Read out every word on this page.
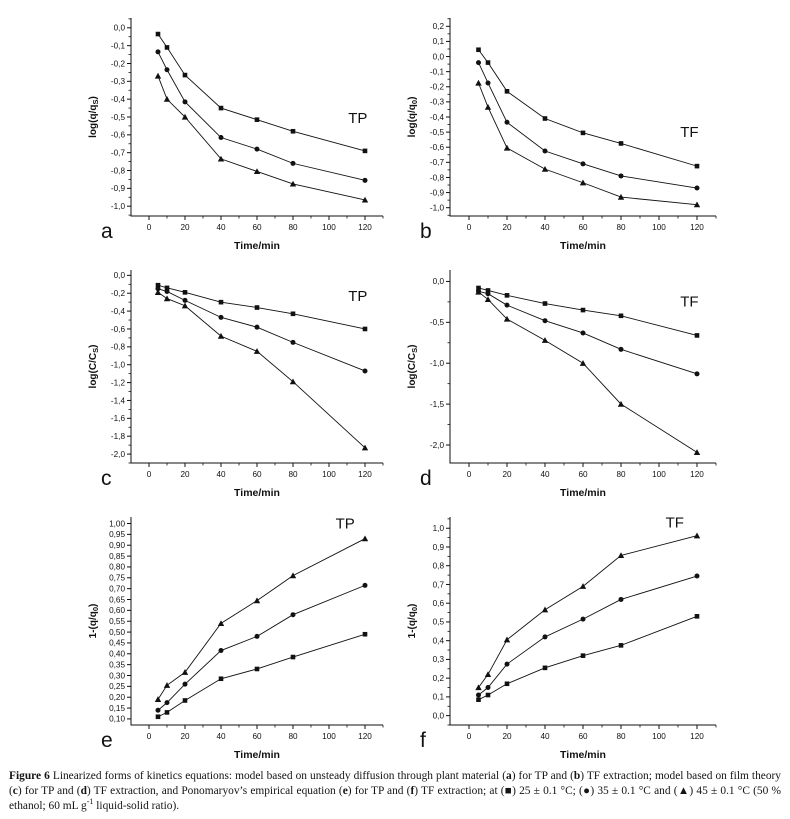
0,0
-0,1
-0,2
-0,3
-0,4
-0,5
-0,6
-0,7
-0,8
-0,9
-1,0
0	20	40	60	80	100	120
TP
$\log(q/q_S)$
Time/min
a
0,2
0,1
0,0
-0,1
-0,2
-0,3
-0,4
-0,5
-0,6
-0,7
-0,8
-0,9
-1,0
0	20	40	60	80	100	120
TF
$\log(q/q_0)$
Time/min
b
0,0
-0,2
-0,4
-0,6
-0,8
-1,0
-1,2
-1,4
-1,6
-1,8
-2,0
0	20	40	60	80	100	120
TP
$\log(C/C_S)$
Time/min
c
0,0
-0,5
-1,0
-1,5
-2,0
0	20	40	60	80	100	120
TF
$\log(C/C_S)$
Time/min
d
1,00
0,95
0,90
0,85
0,80
0,75
0,70
0,65
0,60
0,55
0,50
0,45
0,40
0,35
0,30
0,25
0,20
0,15
0,10
0	20	40	60	80	100	120
TP
$1-(q/q_0)$
Time/min
e
1,0
0,9
0,8
0,7
0,6
0,5
0,4
0,3
0,2
0,1
0,0
0	20	40	60	80	100	120
TF
$1-(q/q_0)$
Time/min
f

Figure 6 Linearized forms of kinetics equations: model based on unsteady diffusion through plant material (a) for TP and (b) TF extraction; model based on film theory (c) for TP and (d) TF extraction, and Ponomaryov’s empirical equation (e) for TP and (f) TF extraction; at (■) 25 ± 0.1 °C; (●) 35 ± 0.1 °C and (▲) 45 ± 0.1 °C (50 % ethanol; 60 mL $g^{-1}$ liquid-solid ratio).
